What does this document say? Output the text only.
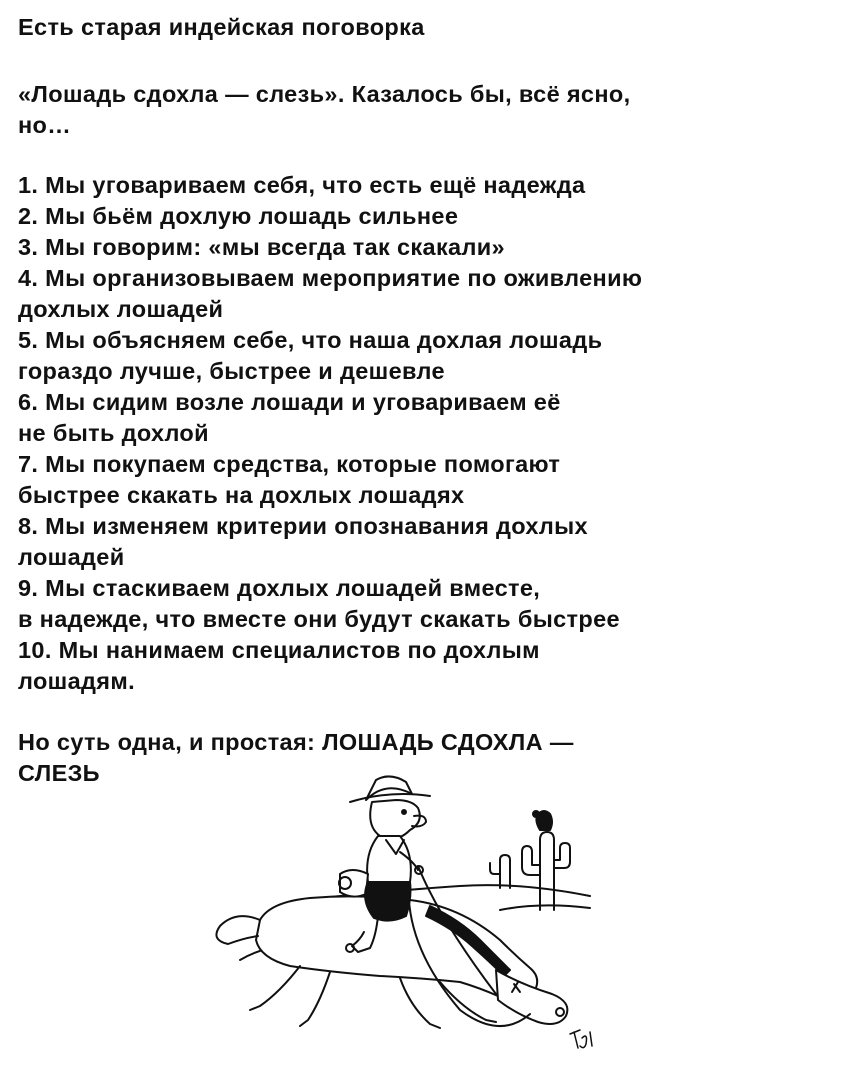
Есть старая индейская поговорка
«Лошадь сдохла — слезь». Казалось бы, всё ясно,
но…
1. Мы уговариваем себя, что есть ещё надежда
2. Мы бьём дохлую лошадь сильнее
3. Мы говорим: «мы всегда так скакали»
4. Мы организовываем мероприятие по оживлению
дохлых лошадей
5. Мы объясняем себе, что наша дохлая лошадь
гораздо лучше, быстрее и дешевле
6. Мы сидим возле лошади и уговариваем её
не быть дохлой
7. Мы покупаем средства, которые помогают
быстрее скакать на дохлых лошадях
8. Мы изменяем критерии опознавания дохлых
лошадей
9. Мы стаскиваем дохлых лошадей вместе,
в надежде, что вместе они будут скакать быстрее
10. Мы нанимаем специалистов по дохлым
лошадям.
Но суть одна, и простая: ЛОШАДЬ СДОХЛА —
СЛЕЗЬ
